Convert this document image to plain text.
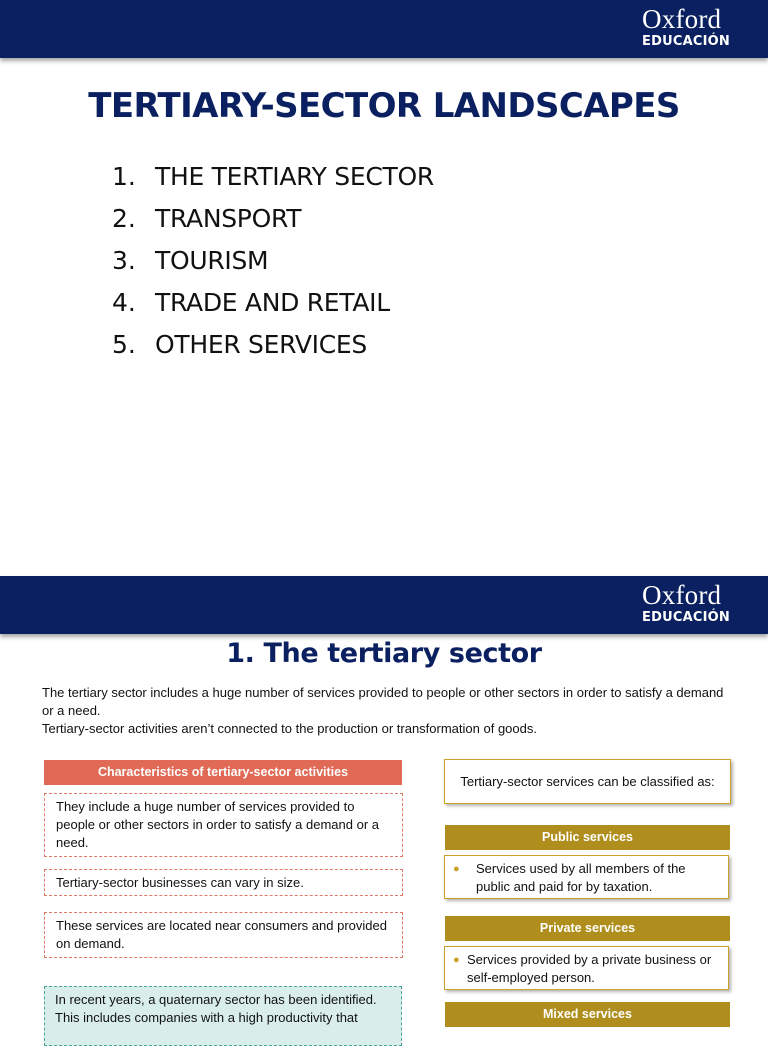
Oxford
EDUCACIÓN
TERTIARY-SECTOR LANDSCAPES
1. THE TERTIARY SECTOR
2. TRANSPORT
3. TOURISM
4. TRADE AND RETAIL
5. OTHER SERVICES
Oxford
EDUCACIÓN
1. The tertiary sector

The tertiary sector includes a huge number of services provided to people or other sectors in order to satisfy a demand or a need.

Tertiary-sector activities aren’t connected to the production or transformation of goods.

Characteristics of tertiary-sector activities
They include a huge number of services provided to people or other sectors in order to satisfy a demand or a need.
Tertiary-sector businesses can vary in size.
These services are located near consumers and provided on demand.
In recent years, a quaternary sector has been identified. This includes companies with a high productivity that
Tertiary-sector services can be classified as:
Public services
● Services used by all members of the public and paid for by taxation.
Private services
● Services provided by a private business or self-employed person.
Mixed services
